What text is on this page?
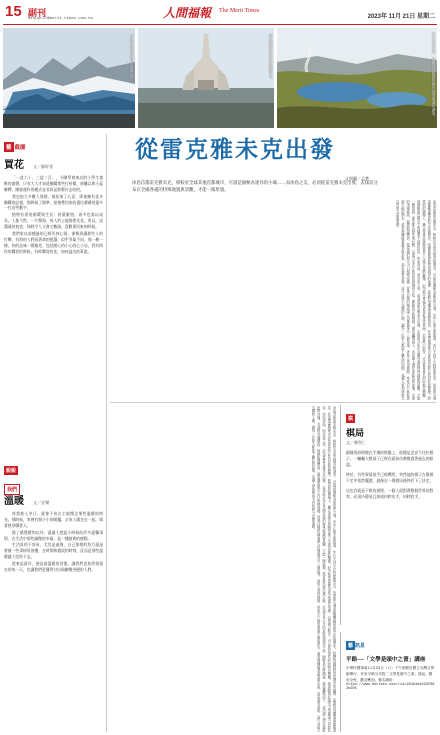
15 副刊
mtsupr27@merit-times.com.tw	人間福報 The Merit Times
2023年 11月 21日 星期二
冰島首都雷克雅未克的教堂。	瀕臨湖泊的哈爾格林姆教堂。	位於冰島北部，蘊藏地熱能源的熔岩地形與溫泉湖泊。
從雷克雅未克出發
文與圖／孟楚
冰島首都雷克雅未克，相較於全球其他首都城市，可說是個極為迷你的小城……而冰島之美，必須從雷克雅未克出發，去探訪分布在全國各處的特殊地貌與景觀，才能一睹原貌。
藝 截圖
買花 文／蘇籽萱

「一盆六十，三盆二百」，今剛學會來店的小學生童稚的童聲，只有大人才知道團購那些打折標，卻難以和小蕊解釋，團童運作的模式並非真是那麼好去收的。

我也如大多數人那樣，被招來了心意，即使擁有花卉團購的記憶，都降低了標準，最後帶回家的還比爺爺的還多一打這些數字。

植物有著的循環與生長：枝葉繁殖，再多也需以成長。人都不然，一片孽海，每人的土地都要比老。所以，這溝通的初衷；同時令人又會又數頭，喜歡那回來的時候。

我們家以前種過的已經死掉心情，卻換到讓那些人的打擊，有時的人們看著命的挑選，似乎爭取不同，那一棵一棵，你的品味一聲無差，包括開心的小心的心小店，我有時你的購買的時候，有時購買的花，如何溢出的事說。

說說
我們
溫暖 文／安樂

每當進入冬日，就會不由自主地懷念那些溫暖的時光。那時候，家裡有個小小的暖爐，全家人圍坐在一起，喝著熱茶聊著天。

除了感覺暖和以外，還讓人想起小時候的許多溫馨事情，在生活中那些細微的幸福，是一種踏實的感動。

生活真的不容易，尤其是過強，自己那麼的努力還是會被一些事情所困擾，在時間和錯誤的時刻，反而是那些溫暖讓人堅持下去。

從來是最好，便是最溫暖的回憶，讓我們更加珍惜現在的每一天，也讓我們更懂得付出與關懷身邊的人們。

冰島首都雷克雅未克，相較於全球其他首都城市，可說是個極為迷你的小城。市中心的主要街道，步行不到半小時就能走完，但這座小城卻蘊藏著豐富的文化與歷史。哈爾格林姆教堂是城市的地標，高聳的塔樓遠遠就能望見，其造型靈感來自冰島常見的玄武岩柱狀節理。教堂前的廣場上，矗立著維京探險家萊夫·艾瑞克森的雕像，紀念他比哥倫布更早抵達北美洲。沿著港口散步，可以看見著名的哈帕音樂廳，玻璃帷幕在陽光下閃耀著不同的色彩，宛如冰晶。而冰島之美，必須從雷克雅未克出發，去探訪分布在全國各處的特殊地貌與景觀，才能一睹原貌。從首都出發往東行駛，沿途可見大片的苔原與熔岩平原，間歇泉定時噴發，瀑布轟鳴而下，冰河湖上漂浮著藍色的冰塊。北部的米湖地區，地熱能源豐沛，溫泉湖泊與火山口相映成趣，冒著白煙的地表讓人彷彿置身另一個星球。冰島人善用地熱，家家戶戶都有源源不絕的熱水，溫室裡種植著蔬菜與水果，甚至還有香蕉。這片冰與火交織的土地，讓每一位旅人都留下難忘的回憶，也讓人更加珍惜大自然的力量與美麗。
冰島首都雷克雅未克，相較於全球其他首都城市，可說是個極為迷你的小城。市中心的主要街道，步行不到半小時就能走完，但這座小城卻蘊藏著豐富的文化與歷史。哈爾格林姆教堂是城市的地標，高聳的塔樓遠遠就能望見，其造型靈感來自冰島常見的玄武岩柱狀節理。教堂前的廣場上，矗立著維京探險家萊夫·艾瑞克森的雕像，紀念他比哥倫布更早抵達北美洲。沿著港口散步，可以看見著名的哈帕音樂廳，玻璃帷幕在陽光下閃耀著不同的色彩，宛如冰晶。而冰島之美，必須從雷克雅未克出發，去探訪分布在全國各處的特殊地貌與景觀，才能一睹原貌。從首都出發往東行駛，沿途可見大片的苔原與熔岩平原，間歇泉定時噴發，瀑布轟鳴而下，冰河湖上漂浮著藍色的冰塊。北部的米湖地區，地熱能源豐沛，溫泉湖泊與火山口相映成趣，冒著白煙的地表讓人彷彿置身另一個星球。冰島人善用地熱，家家戶戶都有源源不絕的熱水，溫室裡種植著蔬菜與水果，甚至還有香蕉。這片冰與火交織的土地，讓每一位旅人都留下難忘的回憶，也讓人更加珍惜大自然的力量與美麗。	棋
棋局
文／鄭智仁

鎮靜的砂時模在手邊的棋盤上，他總是怎安不住拉棋子，一輛輛大棋落子已經在面前仿佛散發著過去的餘溫。

終於，有些事情似乎已經釋然，突然他的棋子在舉棋不定中依然擺渡，最後在一場棋局後終於下了決定。

這也許就是下棋的道理，一個人面對著整個世界的對弈，必須冷靜並且知道何時出手，何時收手。

藝 訊息
平路──「文學是頭中之書」講座
中華民國筆會11月25日（六）下午兩點於國立台灣文學館舉行，作家平路分享從「文學是頭中之書」談起，費用全免，歡迎參加。報名網址：
https://www.beclass.com/rid=284b3e6433f682b605
